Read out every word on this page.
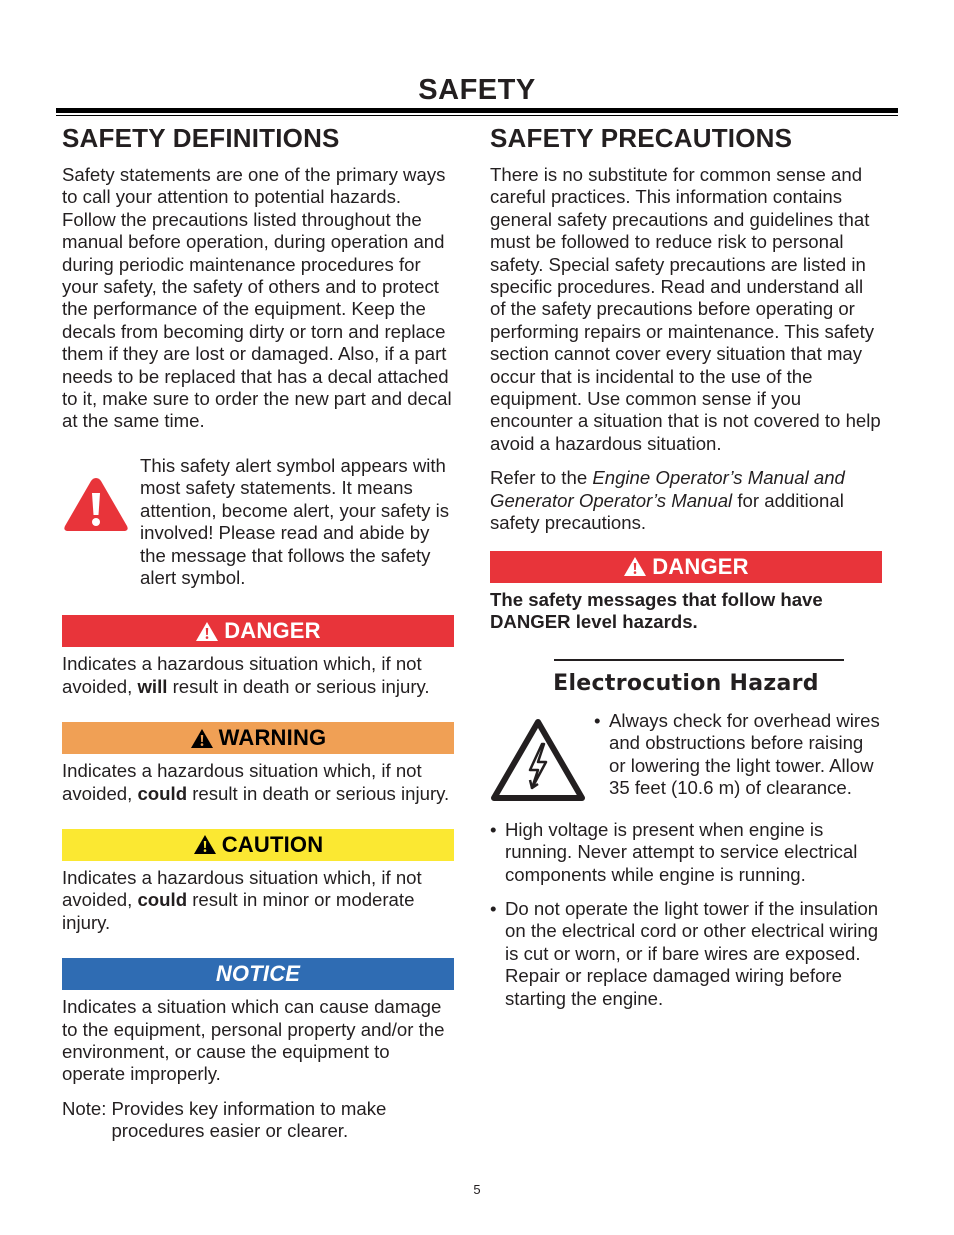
SAFETY
SAFETY DEFINITIONS

Safety statements are one of the primary ways to call your attention to potential hazards. Follow the precautions listed throughout the manual before operation, during operation and during periodic maintenance procedures for your safety, the safety of others and to protect the performance of the equipment. Keep the decals from becoming dirty or torn and replace them if they are lost or damaged. Also, if a part needs to be replaced that has a decal attached to it, make sure to order the new part and decal at the same time.

This safety alert symbol appears with most safety statements. It means attention, become alert, your safety is involved! Please read and abide by the message that follows the safety alert symbol.

DANGER

Indicates a hazardous situation which, if not avoided, will result in death or serious injury.

WARNING

Indicates a hazardous situation which, if not avoided, could result in death or serious injury.

CAUTION

Indicates a hazardous situation which, if not avoided, could result in minor or moderate injury.

NOTICE

Indicates a situation which can cause damage to the equipment, personal property and/or the environment, or cause the equipment to operate improperly.

Note: Provides key information to make procedures easier or clearer.

SAFETY PRECAUTIONS

There is no substitute for common sense and careful practices. This information contains general safety precautions and guidelines that must be followed to reduce risk to personal safety. Special safety precautions are listed in specific procedures. Read and understand all of the safety precautions before operating or performing repairs or maintenance. This safety section cannot cover every situation that may occur that is incidental to the use of the equipment. Use common sense if you encounter a situation that is not covered to help avoid a hazardous situation.

Refer to the Engine Operator’s Manual and Generator Operator’s Manual for additional safety precautions.

DANGER

The safety messages that follow have DANGER level hazards.

Electrocution Hazard
• Always check for overhead wires and obstructions before raising or lowering the light tower. Allow 35 feet (10.6 m) of clearance.
• High voltage is present when engine is running. Never attempt to service electrical components while engine is running.
• Do not operate the light tower if the insulation on the electrical cord or other electrical wiring is cut or worn, or if bare wires are exposed. Repair or replace damaged wiring before starting the engine.
5
